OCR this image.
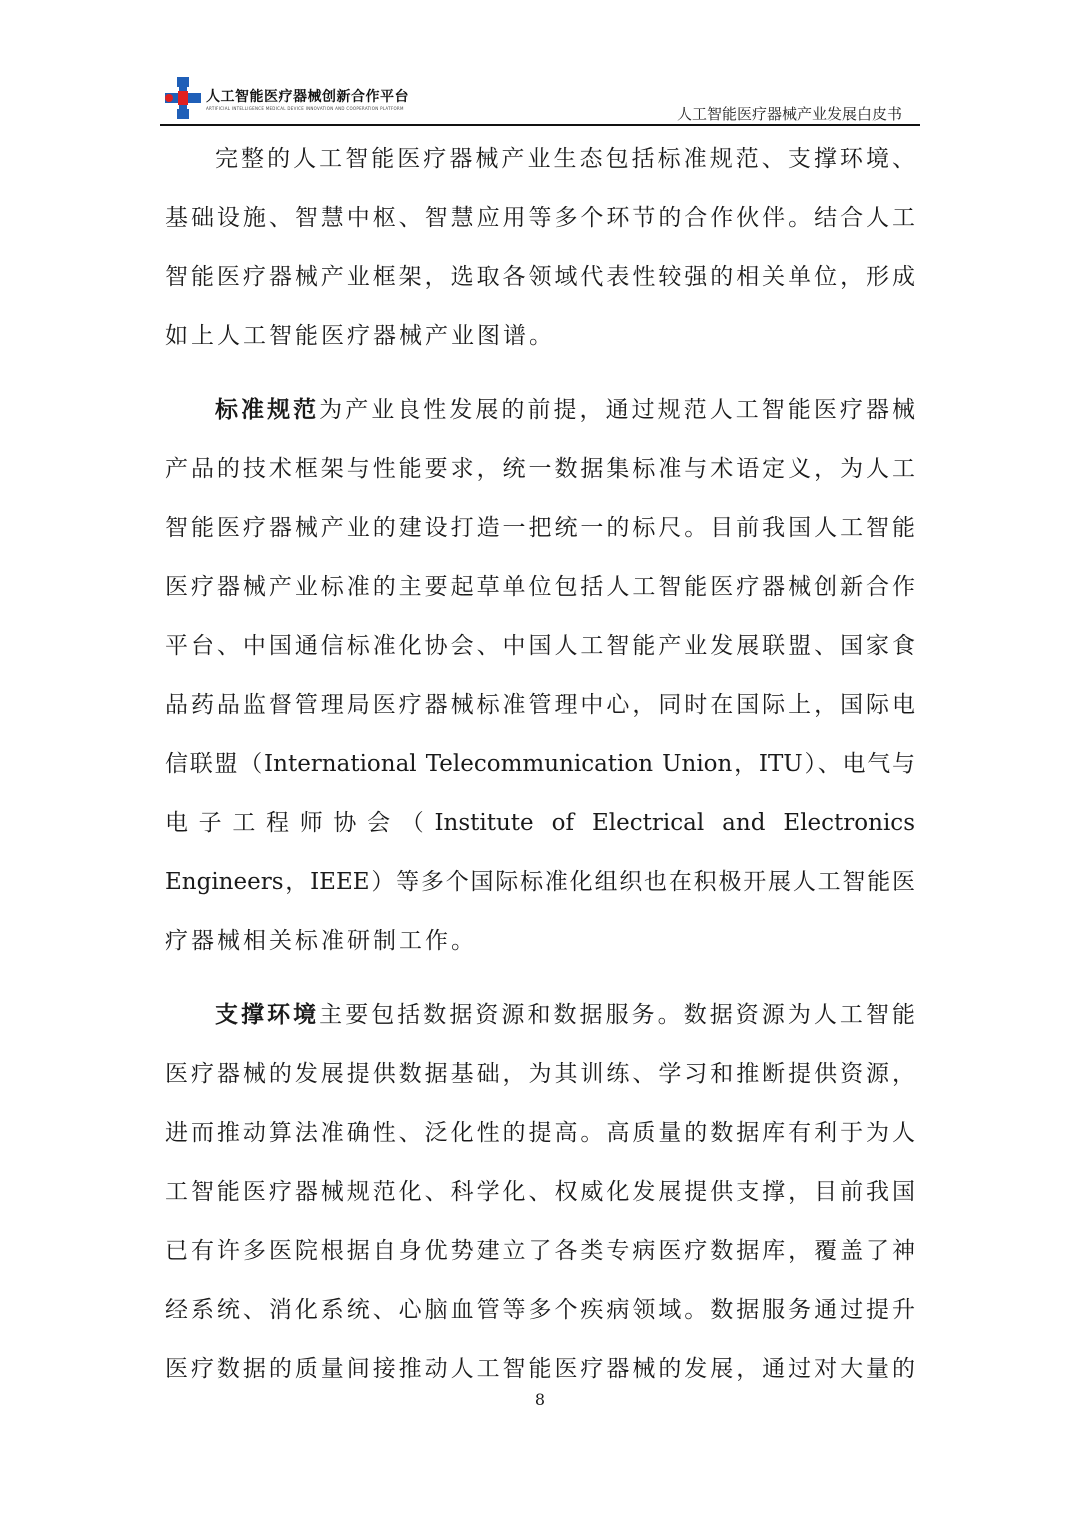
人工智能医疗器械创新合作平台
ARTIFICIAL INTELLIGENCE MEDICAL DEVICE INNOVATION AND COOPERATION PLATFORM	人工智能医疗器械产业发展白皮书
完整的人工智能医疗器械产业生态包括标准规范、支撑环境、
基础设施、智慧中枢、智慧应用等多个环节的合作伙伴。结合人工
智能医疗器械产业框架，选取各领域代表性较强的相关单位，形成
如上人工智能医疗器械产业图谱。
标准规范为产业良性发展的前提，通过规范人工智能医疗器械
产品的技术框架与性能要求，统一数据集标准与术语定义，为人工
智能医疗器械产业的建设打造一把统一的标尺。目前我国人工智能
医疗器械产业标准的主要起草单位包括人工智能医疗器械创新合作
平台、中国通信标准化协会、中国人工智能产业发展联盟、国家食
品药品监督管理局医疗器械标准管理中心，同时在国际上，国际电
信联盟（International Telecommunication Union，ITU）、电气与
电子工程师协会（Institute of Electrical and Electronics
Engineers，IEEE）等多个国际标准化组织也在积极开展人工智能医
疗器械相关标准研制工作。
支撑环境主要包括数据资源和数据服务。数据资源为人工智能
医疗器械的发展提供数据基础，为其训练、学习和推断提供资源，
进而推动算法准确性、泛化性的提高。高质量的数据库有利于为人
工智能医疗器械规范化、科学化、权威化发展提供支撑，目前我国
已有许多医院根据自身优势建立了各类专病医疗数据库，覆盖了神
经系统、消化系统、心脑血管等多个疾病领域。数据服务通过提升
医疗数据的质量间接推动人工智能医疗器械的发展，通过对大量的
8
